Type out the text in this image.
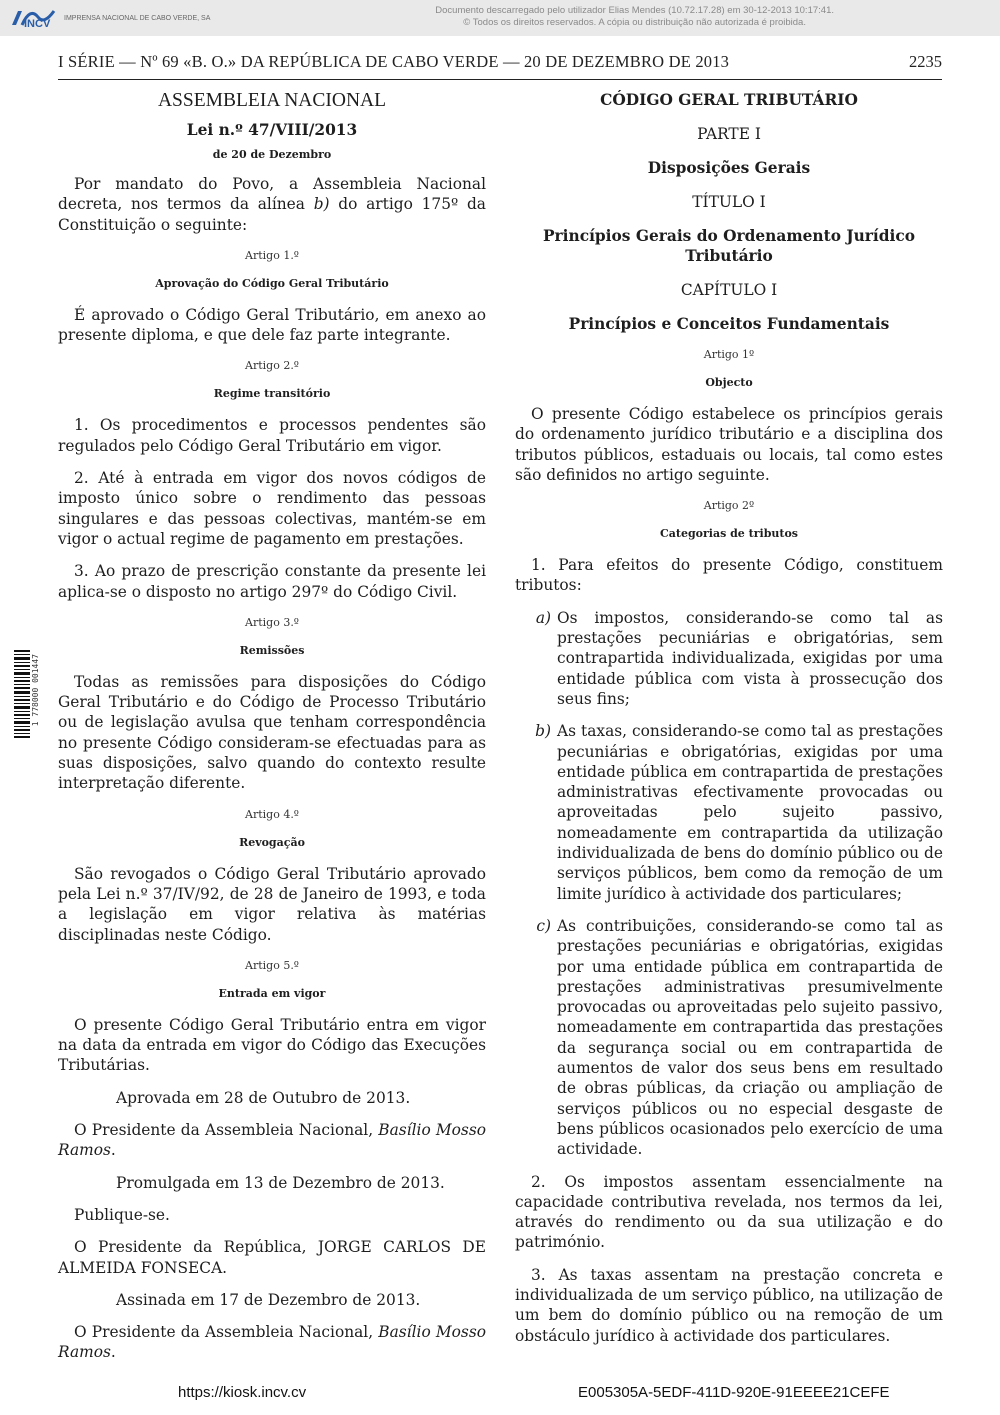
INCV IMPRENSA NACIONAL DE CABO VERDE, SA
Documento descarregado pelo utilizador Elias Mendes (10.72.17.28) em 30-12-2013 10:17:41.
© Todos os direitos reservados. A cópia ou distribuição não autorizada é proibida.
I SÉRIE — Nº 69 «B. O.» DA REPÚBLICA DE CABO VERDE — 20 DE DEZEMBRO DE 2013	2235
1 778000 001447
ASSEMBLEIA NACIONAL
Lei n.º 47/VIII/2013
de 20 de Dezembro

Por mandato do Povo, a Assembleia Nacional decreta, nos termos da alínea b) do artigo 175º da Constituição o seguinte:

Artigo 1.º
Aprovação do Código Geral Tributário

É aprovado o Código Geral Tributário, em anexo ao presente diploma, e que dele faz parte integrante.

Artigo 2.º
Regime transitório

1. Os procedimentos e processos pendentes são regulados pelo Código Geral Tributário em vigor.

2. Até à entrada em vigor dos novos códigos de imposto único sobre o rendimento das pessoas singulares e das pessoas colectivas, mantém-se em vigor o actual regime de pagamento em prestações.

3. Ao prazo de prescrição constante da presente lei aplica-se o disposto no artigo 297º do Código Civil.

Artigo 3.º
Remissões

Todas as remissões para disposições do Código Geral Tributário e do Código de Processo Tributário ou de legislação avulsa que tenham correspondência no presente Código consideram-se efectuadas para as suas disposições, salvo quando do contexto resulte interpretação diferente.

Artigo 4.º
Revogação

São revogados o Código Geral Tributário aprovado pela Lei n.º 37/IV/92, de 28 de Janeiro de 1993, e toda a legislação em vigor relativa às matérias disciplinadas neste Código.

Artigo 5.º
Entrada em vigor

O presente Código Geral Tributário entra em vigor na data da entrada em vigor do Código das Execuções Tributárias.

Aprovada em 28 de Outubro de 2013.

O Presidente da Assembleia Nacional, Basílio Mosso Ramos.

Promulgada em 13 de Dezembro de 2013.

Publique-se.

O Presidente da República, JORGE CARLOS DE ALMEIDA FONSECA.

Assinada em 17 de Dezembro de 2013.

O Presidente da Assembleia Nacional, Basílio Mosso Ramos.

CÓDIGO GERAL TRIBUTÁRIO
PARTE I
Disposições Gerais
TÍTULO I
Princípios Gerais do Ordenamento Jurídico Tributário
CAPÍTULO I
Princípios e Conceitos Fundamentais
Artigo 1º
Objecto

O presente Código estabelece os princípios gerais do ordenamento jurídico tributário e a disciplina dos tributos públicos, estaduais ou locais, tal como estes são definidos no artigo seguinte.

Artigo 2º
Categorias de tributos

1. Para efeitos do presente Código, constituem tributos:

a) Os impostos, considerando-se como tal as prestações pecuniárias e obrigatórias, sem contrapartida individualizada, exigidas por uma entidade pública com vista à prossecução dos seus fins;
b) As taxas, considerando-se como tal as prestações pecuniárias e obrigatórias, exigidas por uma entidade pública em contrapartida de prestações administrativas efectivamente provocadas ou aproveitadas pelo sujeito passivo, nomeadamente em contrapartida da utilização individualizada de bens do domínio público ou de serviços públicos, bem como da remoção de um limite jurídico à actividade dos particulares;
c) As contribuições, considerando-se como tal as prestações pecuniárias e obrigatórias, exigidas por uma entidade pública em contrapartida de prestações administrativas presumivelmente provocadas ou aproveitadas pelo sujeito passivo, nomeadamente em contrapartida das prestações da segurança social ou em contrapartida de aumentos de valor dos seus bens em resultado de obras públicas, da criação ou ampliação de serviços públicos ou no especial desgaste de bens públicos ocasionados pelo exercício de uma actividade.

2. Os impostos assentam essencialmente na capacidade contributiva revelada, nos termos da lei, através do rendimento ou da sua utilização e do património.

3. As taxas assentam na prestação concreta e individualizada de um serviço público, na utilização de um bem do domínio público ou na remoção de um obstáculo jurídico à actividade dos particulares.

https://kiosk.incv.cv	E005305A-5EDF-411D-920E-91EEEE21CEFE
